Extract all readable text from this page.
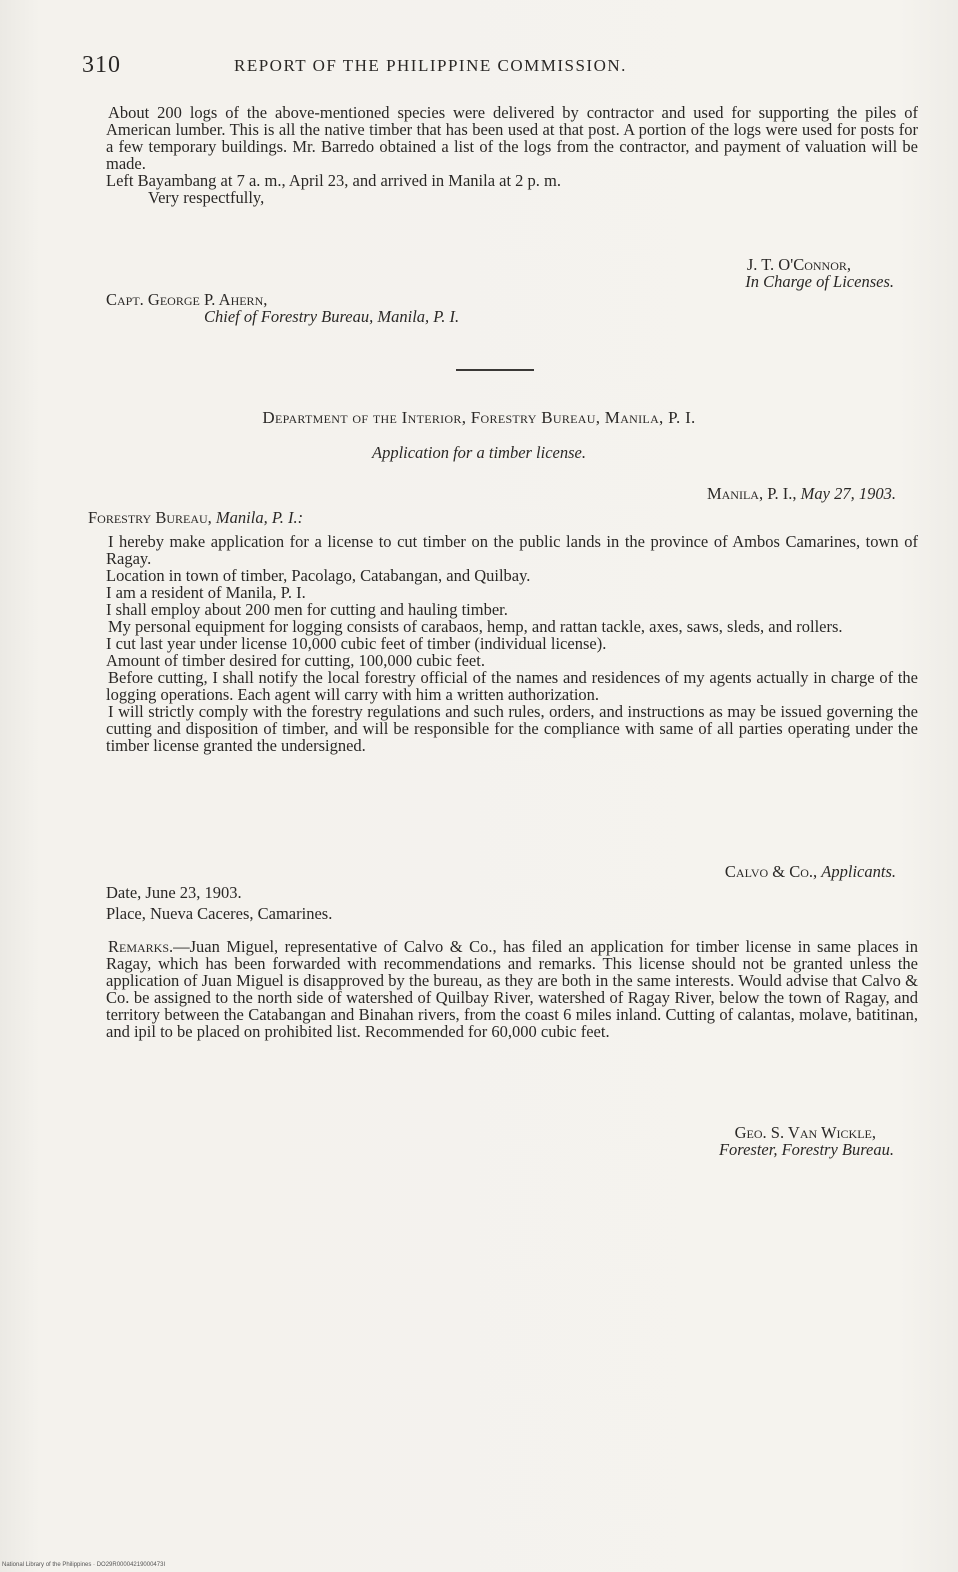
310	REPORT OF THE PHILIPPINE COMMISSION.

About 200 logs of the above-mentioned species were delivered by contractor and used for supporting the piles of American lumber. This is all the native timber that has been used at that post. A portion of the logs were used for posts for a few temporary buildings. Mr. Barredo obtained a list of the logs from the contractor, and payment of valuation will be made.

Left Bayambang at 7 a. m., April 23, and arrived in Manila at 2 p. m.

Very respectfully,

J. T. O'Connor,

In Charge of Licenses.

Capt. George P. Ahern,

Chief of Forestry Bureau, Manila, P. I.

Department of the Interior, Forestry Bureau, Manila, P. I.
Application for a timber license.

Manila, P. I., May 27, 1903.

Forestry Bureau, Manila, P. I.:

I hereby make application for a license to cut timber on the public lands in the province of Ambos Camarines, town of Ragay.

Location in town of timber, Pacolago, Catabangan, and Quilbay.

I am a resident of Manila, P. I.

I shall employ about 200 men for cutting and hauling timber.

My personal equipment for logging consists of carabaos, hemp, and rattan tackle, axes, saws, sleds, and rollers.

I cut last year under license 10,000 cubic feet of timber (individual license).

Amount of timber desired for cutting, 100,000 cubic feet.

Before cutting, I shall notify the local forestry official of the names and residences of my agents actually in charge of the logging operations. Each agent will carry with him a written authorization.

I will strictly comply with the forestry regulations and such rules, orders, and instructions as may be issued governing the cutting and disposition of timber, and will be responsible for the compliance with same of all parties operating under the timber license granted the undersigned.

Calvo & Co., Applicants.

Date, June 23, 1903.

Place, Nueva Caceres, Camarines.

Remarks.—Juan Miguel, representative of Calvo & Co., has filed an application for timber license in same places in Ragay, which has been forwarded with recommendations and remarks. This license should not be granted unless the application of Juan Miguel is disapproved by the bureau, as they are both in the same interests. Would advise that Calvo & Co. be assigned to the north side of watershed of Quilbay River, watershed of Ragay River, below the town of Ragay, and territory between the Catabangan and Binahan rivers, from the coast 6 miles inland. Cutting of calantas, molave, batitinan, and ipil to be placed on prohibited list. Recommended for 60,000 cubic feet.

Geo. S. Van Wickle,

Forester, Forestry Bureau.

National Library of the Philippines · DO29R00004219000473I
